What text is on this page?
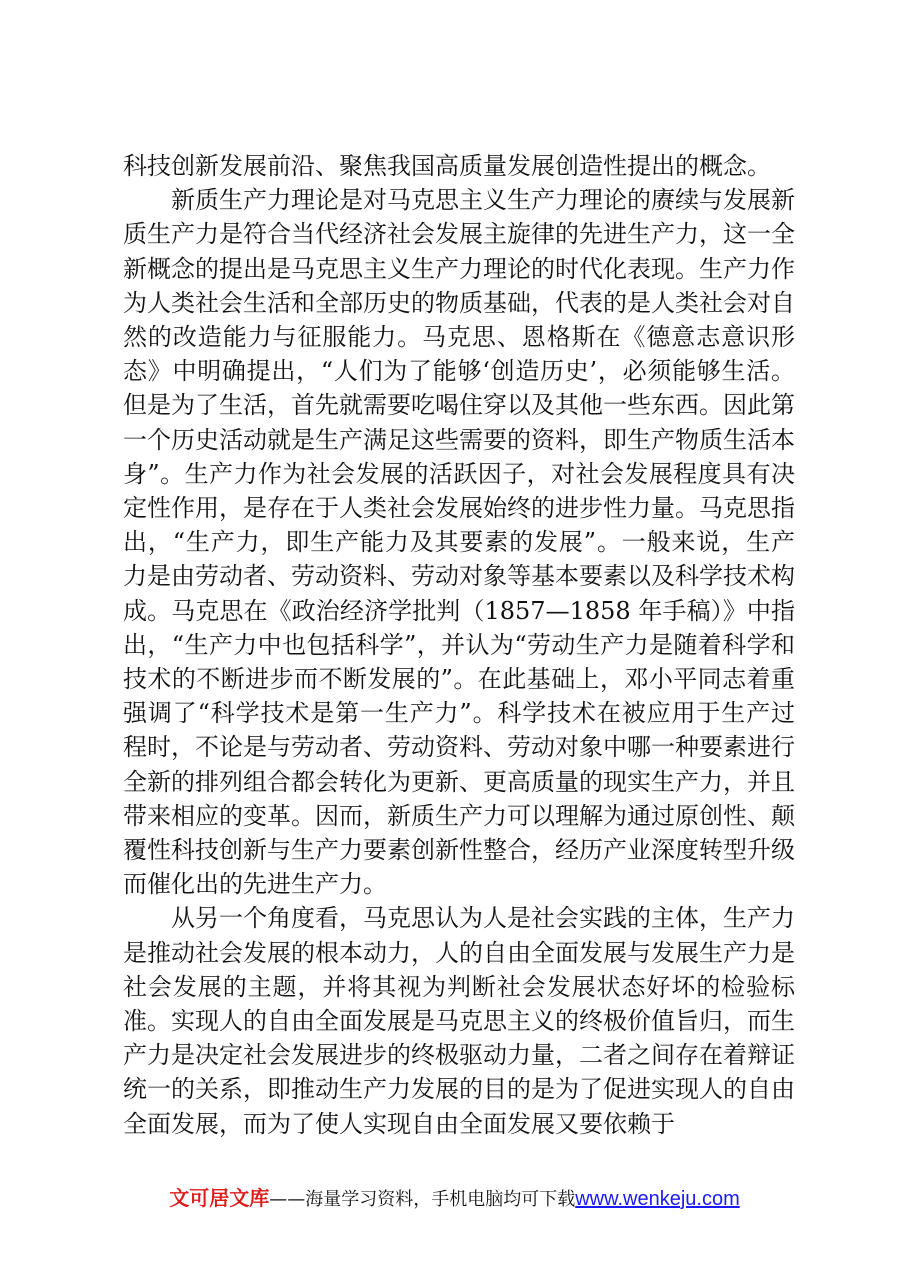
科技创新发展前沿、聚焦我国高质量发展创造性提出的概念。

新质生产力理论是对马克思主义生产力理论的赓续与发展新质生产力是符合当代经济社会发展主旋律的先进生产力，这一全新概念的提出是马克思主义生产力理论的时代化表现。生产力作为人类社会生活和全部历史的物质基础，代表的是人类社会对自然的改造能力与征服能力。马克思、恩格斯在《德意志意识形态》中明确提出，“人们为了能够‘创造历史’，必须能够生活。但是为了生活，首先就需要吃喝住穿以及其他一些东西。因此第一个历史活动就是生产满足这些需要的资料，即生产物质生活本身”。生产力作为社会发展的活跃因子，对社会发展程度具有决定性作用，是存在于人类社会发展始终的进步性力量。马克思指出，“生产力，即生产能力及其要素的发展”。一般来说，生产力是由劳动者、劳动资料、劳动对象等基本要素以及科学技术构成。马克思在《政治经济学批判（1857—1858 年手稿）》中指出，“生产力中也包括科学”，并认为“劳动生产力是随着科学和技术的不断进步而不断发展的”。在此基础上，邓小平同志着重强调了“科学技术是第一生产力”。科学技术在被应用于生产过程时，不论是与劳动者、劳动资料、劳动对象中哪一种要素进行全新的排列组合都会转化为更新、更高质量的现实生产力，并且带来相应的变革。因而，新质生产力可以理解为通过原创性、颠覆性科技创新与生产力要素创新性整合，经历产业深度转型升级而催化出的先进生产力。

从另一个角度看，马克思认为人是社会实践的主体，生产力是推动社会发展的根本动力，人的自由全面发展与发展生产力是社会发展的主题，并将其视为判断社会发展状态好坏的检验标准。实现人的自由全面发展是马克思主义的终极价值旨归，而生产力是决定社会发展进步的终极驱动力量，二者之间存在着辩证统一的关系，即推动生产力发展的目的是为了促进实现人的自由全面发展，而为了使人实现自由全面发展又要依赖于

文可居文库——海量学习资料，手机电脑均可下载www.wenkeju.com
